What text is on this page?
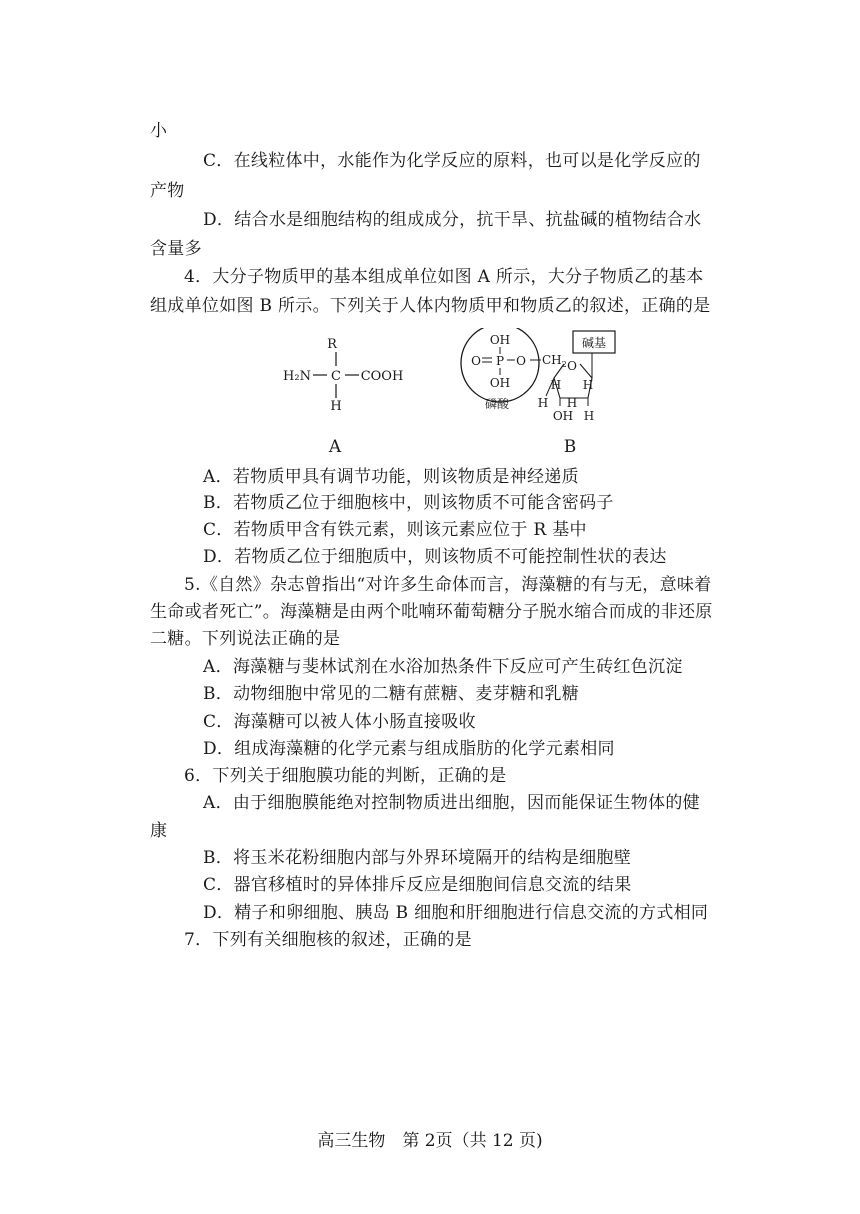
小
C．在线粒体中，水能作为化学反应的原料，也可以是化学反应的
产物
D．结合水是细胞结构的组成成分，抗干旱、抗盐碱的植物结合水
含量多
4．大分子物质甲的基本组成单位如图 A 所示，大分子物质乙的基本
组成单位如图 B 所示。下列关于人体内物质甲和物质乙的叙述，正确的是
R
H₂N C COOH
H
A
OH
O P O
OH
磷酸
$CH_2$ O
碱基
H H
H H
OH H
B
A．若物质甲具有调节功能，则该物质是神经递质
B．若物质乙位于细胞核中，则该物质不可能含密码子
C．若物质甲含有铁元素，则该元素应位于 R 基中
D．若物质乙位于细胞质中，则该物质不可能控制性状的表达
5.《自然》杂志曾指出“对许多生命体而言，海藻糖的有与无，意味着
生命或者死亡”。海藻糖是由两个吡喃环葡萄糖分子脱水缩合而成的非还原
二糖。下列说法正确的是
A．海藻糖与斐林试剂在水浴加热条件下反应可产生砖红色沉淀
B．动物细胞中常见的二糖有蔗糖、麦芽糖和乳糖
C．海藻糖可以被人体小肠直接吸收
D．组成海藻糖的化学元素与组成脂肪的化学元素相同
6．下列关于细胞膜功能的判断，正确的是
A．由于细胞膜能绝对控制物质进出细胞，因而能保证生物体的健
康
B．将玉米花粉细胞内部与外界环境隔开的结构是细胞壁
C．器官移植时的异体排斥反应是细胞间信息交流的结果
D．精子和卵细胞、胰岛 B 细胞和肝细胞进行信息交流的方式相同
7．下列有关细胞核的叙述，正确的是
高三生物　第 2页（共 12 页)
